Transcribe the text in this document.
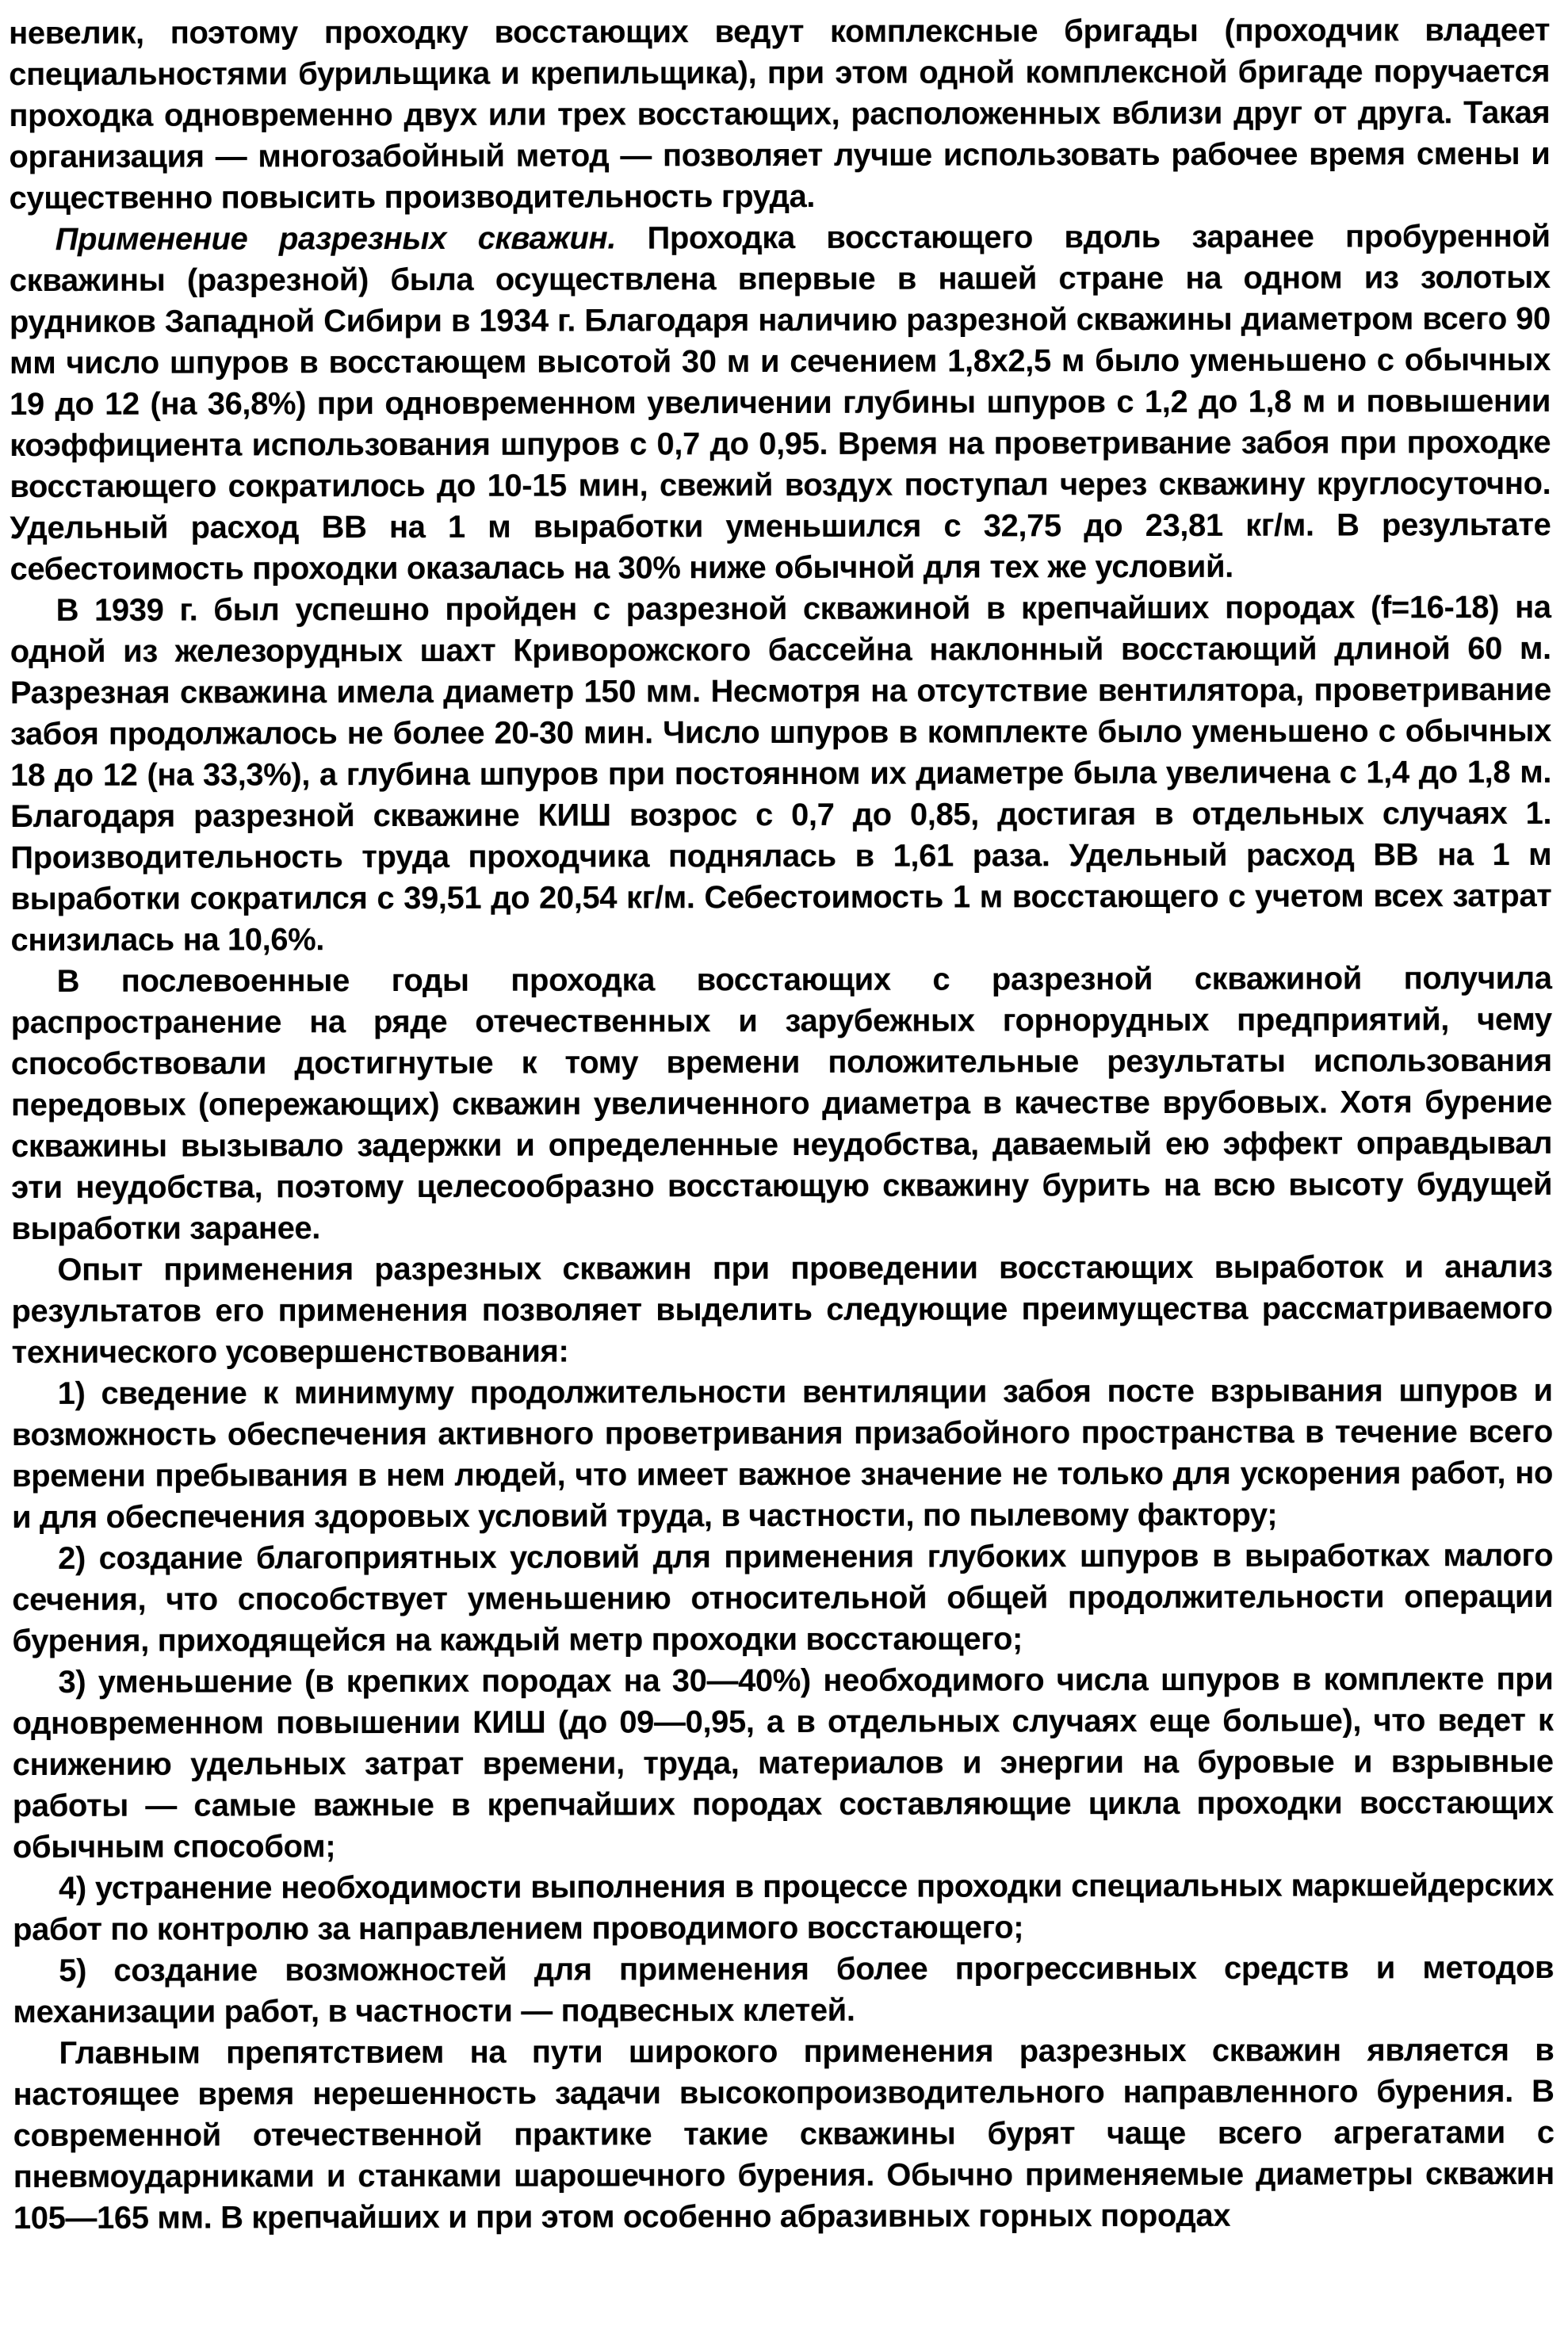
невелик, поэтому проходку восстающих ведут комплексные бригады (проходчик владеет специальностями бурильщика и крепильщика), при этом одной комплексной бригаде поручается проходка одновременно двух или трех восстающих, расположенных вблизи друг от друга. Такая организация — многозабойный метод — позволяет лучше использовать рабочее время смены и существенно повысить производительность груда.

Применение разрезных скважин. Проходка восстающего вдоль заранее пробуренной скважины (разрезной) была осуществлена впервые в нашей стране на одном из золотых рудников Западной Сибири в 1934 г. Благодаря наличию разрезной скважины диаметром всего 90 мм число шпуров в восстающем высотой 30 м и сечением 1,8х2,5 м было уменьшено с обычных 19 до 12 (на 36,8%) при одновременном увеличении глубины шпуров с 1,2 до 1,8 м и повышении коэффициента использования шпуров с 0,7 до 0,95. Время на проветривание забоя при проходке восстающего сократилось до 10-15 мин, свежий воздух поступал через скважину круглосуточно. Удельный расход ВВ на 1 м выработки уменьшился с 32,75 до 23,81 кг/м. В результате себестоимость проходки оказалась на 30% ниже обычной для тех же условий.

В 1939 г. был успешно пройден с разрезной скважиной в крепчайших породах (f=16-18) на одной из железорудных шахт Криворожского бассейна наклонный восстающий длиной 60 м. Разрезная скважина имела диаметр 150 мм. Несмотря на отсутствие вентилятора, проветривание забоя продолжалось не более 20-30 мин. Число шпуров в комплекте было уменьшено с обычных 18 до 12 (на 33,3%), а глубина шпуров при постоянном их диаметре была увеличена с 1,4 до 1,8 м. Благодаря разрезной скважине КИШ возрос с 0,7 до 0,85, достигая в отдельных случаях 1. Производительность труда проходчика поднялась в 1,61 раза. Удельный расход ВВ на 1 м выработки сократился с 39,51 до 20,54 кг/м. Себестоимость 1 м восстающего с учетом всех затрат снизилась на 10,6%.

В послевоенные годы проходка восстающих с разрезной скважиной получила распространение на ряде отечественных и зарубежных горнорудных предприятий, чему способствовали достигнутые к тому времени положительные результаты использования передовых (опережающих) скважин увеличенного диаметра в качестве врубовых. Хотя бурение скважины вызывало задержки и определенные неудобства, даваемый ею эффект оправдывал эти неудобства, поэтому целесообразно восстающую скважину бурить на всю высоту будущей выработки заранее.

Опыт применения разрезных скважин при проведении восстающих выработок и анализ результатов его применения позволяет выделить следующие преимущества рассматриваемого технического усовершенствования:

1) сведение к минимуму продолжительности вентиляции забоя посте взрывания шпуров и возможность обеспечения активного проветривания призабойного пространства в течение всего времени пребывания в нем людей, что имеет важное значение не только для ускорения работ, но и для обеспечения здоровых условий труда, в частности, по пылевому фактору;

2) создание благоприятных условий для применения глубоких шпуров в выработках малого сечения, что способствует уменьшению относительной общей продолжительности операции бурения, приходящейся на каждый метр проходки восстающего;

3) уменьшение (в крепких породах на 30—40%) необходимого числа шпуров в комплекте при одновременном повышении КИШ (до 09—0,95, а в отдельных случаях еще больше), что ведет к снижению удельных затрат времени, труда, материалов и энергии на буровые и взрывные работы — самые важные в крепчайших породах составляющие цикла проходки восстающих обычным способом;

4) устранение необходимости выполнения в процессе проходки специальных маркшейдерских работ по контролю за направлением проводимого восстающего;

5) создание возможностей для применения более прогрессивных средств и методов механизации работ, в частности — подвесных клетей.

Главным препятствием на пути широкого применения разрезных скважин является в настоящее время нерешенность задачи высокопроизводительного направленного бурения. В современной отечественной практике такие скважины бурят чаще всего агрегатами с пневмоударниками и станками шарошечного бурения. Обычно применяемые диаметры скважин 105—165 мм. В крепчайших и при этом особенно абразивных горных породах
